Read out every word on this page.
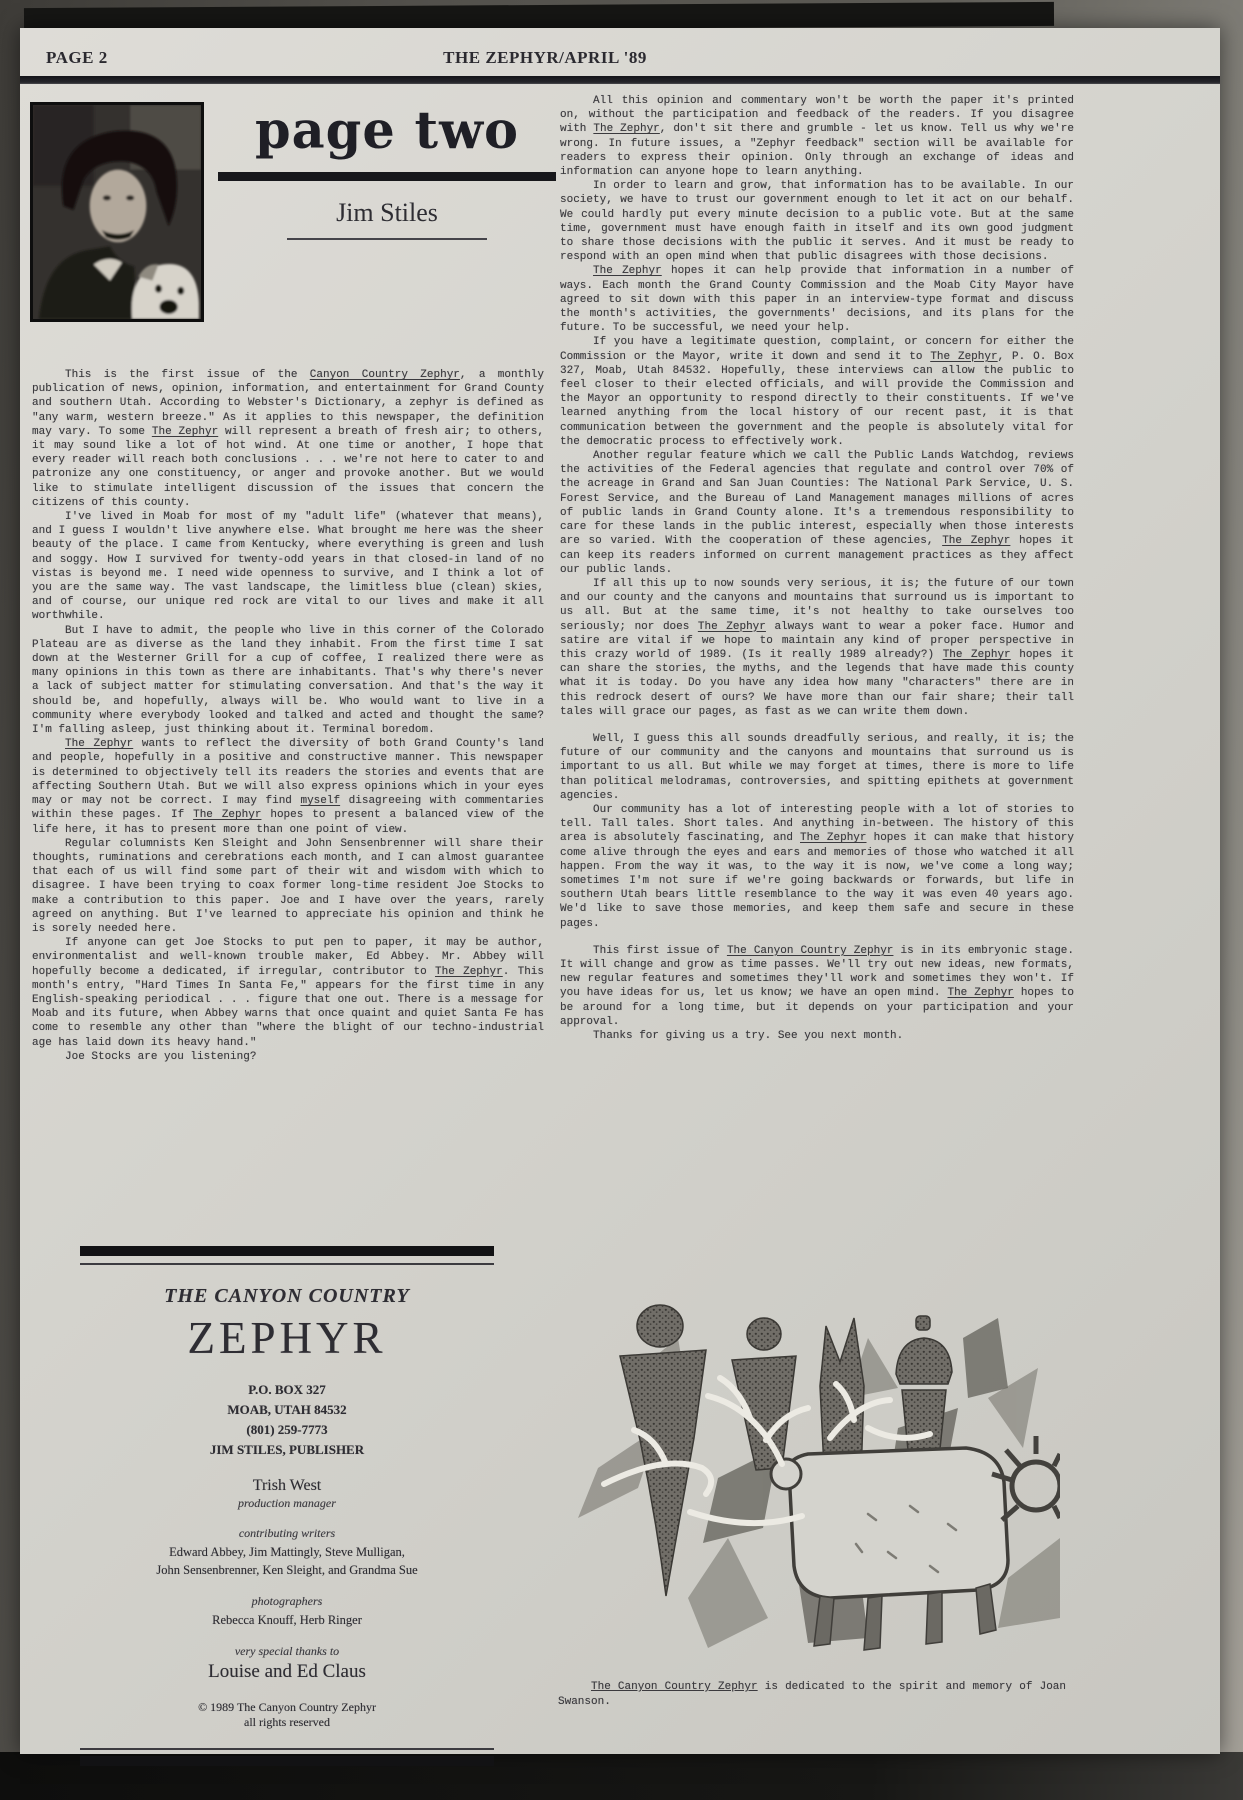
PAGE 2	THE ZEPHYR/APRIL '89
page two
Jim Stiles

This is the first issue of the Canyon Country Zephyr, a monthly publication of news, opinion, information, and entertainment for Grand County and southern Utah. According to Webster's Dictionary, a zephyr is defined as "any warm, western breeze." As it applies to this newspaper, the definition may vary. To some The Zephyr will represent a breath of fresh air; to others, it may sound like a lot of hot wind. At one time or another, I hope that every reader will reach both conclusions . . . we're not here to cater to and patronize any one constituency, or anger and provoke another. But we would like to stimulate intelligent discussion of the issues that concern the citizens of this county.

I've lived in Moab for most of my "adult life" (whatever that means), and I guess I wouldn't live anywhere else. What brought me here was the sheer beauty of the place. I came from Kentucky, where everything is green and lush and soggy. How I survived for twenty-odd years in that closed-in land of no vistas is beyond me. I need wide openness to survive, and I think a lot of you are the same way. The vast landscape, the limitless blue (clean) skies, and of course, our unique red rock are vital to our lives and make it all worthwhile.

But I have to admit, the people who live in this corner of the Colorado Plateau are as diverse as the land they inhabit. From the first time I sat down at the Westerner Grill for a cup of coffee, I realized there were as many opinions in this town as there are inhabitants. That's why there's never a lack of subject matter for stimulating conversation. And that's the way it should be, and hopefully, always will be. Who would want to live in a community where everybody looked and talked and acted and thought the same? I'm falling asleep, just thinking about it. Terminal boredom.

The Zephyr wants to reflect the diversity of both Grand County's land and people, hopefully in a positive and constructive manner. This newspaper is determined to objectively tell its readers the stories and events that are affecting Southern Utah. But we will also express opinions which in your eyes may or may not be correct. I may find myself disagreeing with commentaries within these pages. If The Zephyr hopes to present a balanced view of the life here, it has to present more than one point of view.

Regular columnists Ken Sleight and John Sensenbrenner will share their thoughts, ruminations and cerebrations each month, and I can almost guarantee that each of us will find some part of their wit and wisdom with which to disagree. I have been trying to coax former long-time resident Joe Stocks to make a contribution to this paper. Joe and I have over the years, rarely agreed on anything. But I've learned to appreciate his opinion and think he is sorely needed here.

If anyone can get Joe Stocks to put pen to paper, it may be author, environmentalist and well-known trouble maker, Ed Abbey. Mr. Abbey will hopefully become a dedicated, if irregular, contributor to The Zephyr. This month's entry, "Hard Times In Santa Fe," appears for the first time in any English-speaking periodical . . . figure that one out. There is a message for Moab and its future, when Abbey warns that once quaint and quiet Santa Fe has come to resemble any other than "where the blight of our techno-industrial age has laid down its heavy hand."

Joe Stocks are you listening?

All this opinion and commentary won't be worth the paper it's printed on, without the participation and feedback of the readers. If you disagree with The Zephyr, don't sit there and grumble - let us know. Tell us why we're wrong. In future issues, a "Zephyr feedback" section will be available for readers to express their opinion. Only through an exchange of ideas and information can anyone hope to learn anything.

In order to learn and grow, that information has to be available. In our society, we have to trust our government enough to let it act on our behalf. We could hardly put every minute decision to a public vote. But at the same time, government must have enough faith in itself and its own good judgment to share those decisions with the public it serves. And it must be ready to respond with an open mind when that public disagrees with those decisions.

The Zephyr hopes it can help provide that information in a number of ways. Each month the Grand County Commission and the Moab City Mayor have agreed to sit down with this paper in an interview-type format and discuss the month's activities, the governments' decisions, and its plans for the future. To be successful, we need your help.

If you have a legitimate question, complaint, or concern for either the Commission or the Mayor, write it down and send it to The Zephyr, P. O. Box 327, Moab, Utah 84532. Hopefully, these interviews can allow the public to feel closer to their elected officials, and will provide the Commission and the Mayor an opportunity to respond directly to their constituents. If we've learned anything from the local history of our recent past, it is that communication between the government and the people is absolutely vital for the democratic process to effectively work.

Another regular feature which we call the Public Lands Watchdog, reviews the activities of the Federal agencies that regulate and control over 70% of the acreage in Grand and San Juan Counties: The National Park Service, U. S. Forest Service, and the Bureau of Land Management manages millions of acres of public lands in Grand County alone. It's a tremendous responsibility to care for these lands in the public interest, especially when those interests are so varied. With the cooperation of these agencies, The Zephyr hopes it can keep its readers informed on current management practices as they affect our public lands.

If all this up to now sounds very serious, it is; the future of our town and our county and the canyons and mountains that surround us is important to us all. But at the same time, it's not healthy to take ourselves too seriously; nor does The Zephyr always want to wear a poker face. Humor and satire are vital if we hope to maintain any kind of proper perspective in this crazy world of 1989. (Is it really 1989 already?) The Zephyr hopes it can share the stories, the myths, and the legends that have made this county what it is today. Do you have any idea how many "characters" there are in this redrock desert of ours? We have more than our fair share; their tall tales will grace our pages, as fast as we can write them down.

Well, I guess this all sounds dreadfully serious, and really, it is; the future of our community and the canyons and mountains that surround us is important to us all. But while we may forget at times, there is more to life than political melodramas, controversies, and spitting epithets at government agencies.

Our community has a lot of interesting people with a lot of stories to tell. Tall tales. Short tales. And anything in-between. The history of this area is absolutely fascinating, and The Zephyr hopes it can make that history come alive through the eyes and ears and memories of those who watched it all happen. From the way it was, to the way it is now, we've come a long way; sometimes I'm not sure if we're going backwards or forwards, but life in southern Utah bears little resemblance to the way it was even 40 years ago. We'd like to save those memories, and keep them safe and secure in these pages.

This first issue of The Canyon Country Zephyr is in its embryonic stage. It will change and grow as time passes. We'll try out new ideas, new formats, new regular features and sometimes they'll work and sometimes they won't. If you have ideas for us, let us know; we have an open mind. The Zephyr hopes to be around for a long time, but it depends on your participation and your approval.

Thanks for giving us a try. See you next month.

THE CANYON COUNTRY
ZEPHYR
P.O. BOX 327
MOAB, UTAH 84532
(801) 259-7773
JIM STILES, PUBLISHER
Trish West
production manager
contributing writers
Edward Abbey, Jim Mattingly, Steve Mulligan,
John Sensenbrenner, Ken Sleight, and Grandma Sue
photographers
Rebecca Knouff, Herb Ringer
very special thanks to
Louise and Ed Claus
© 1989 The Canyon Country Zephyr
all rights reserved
The Canyon Country Zephyr is dedicated to the spirit and memory of Joan Swanson.
